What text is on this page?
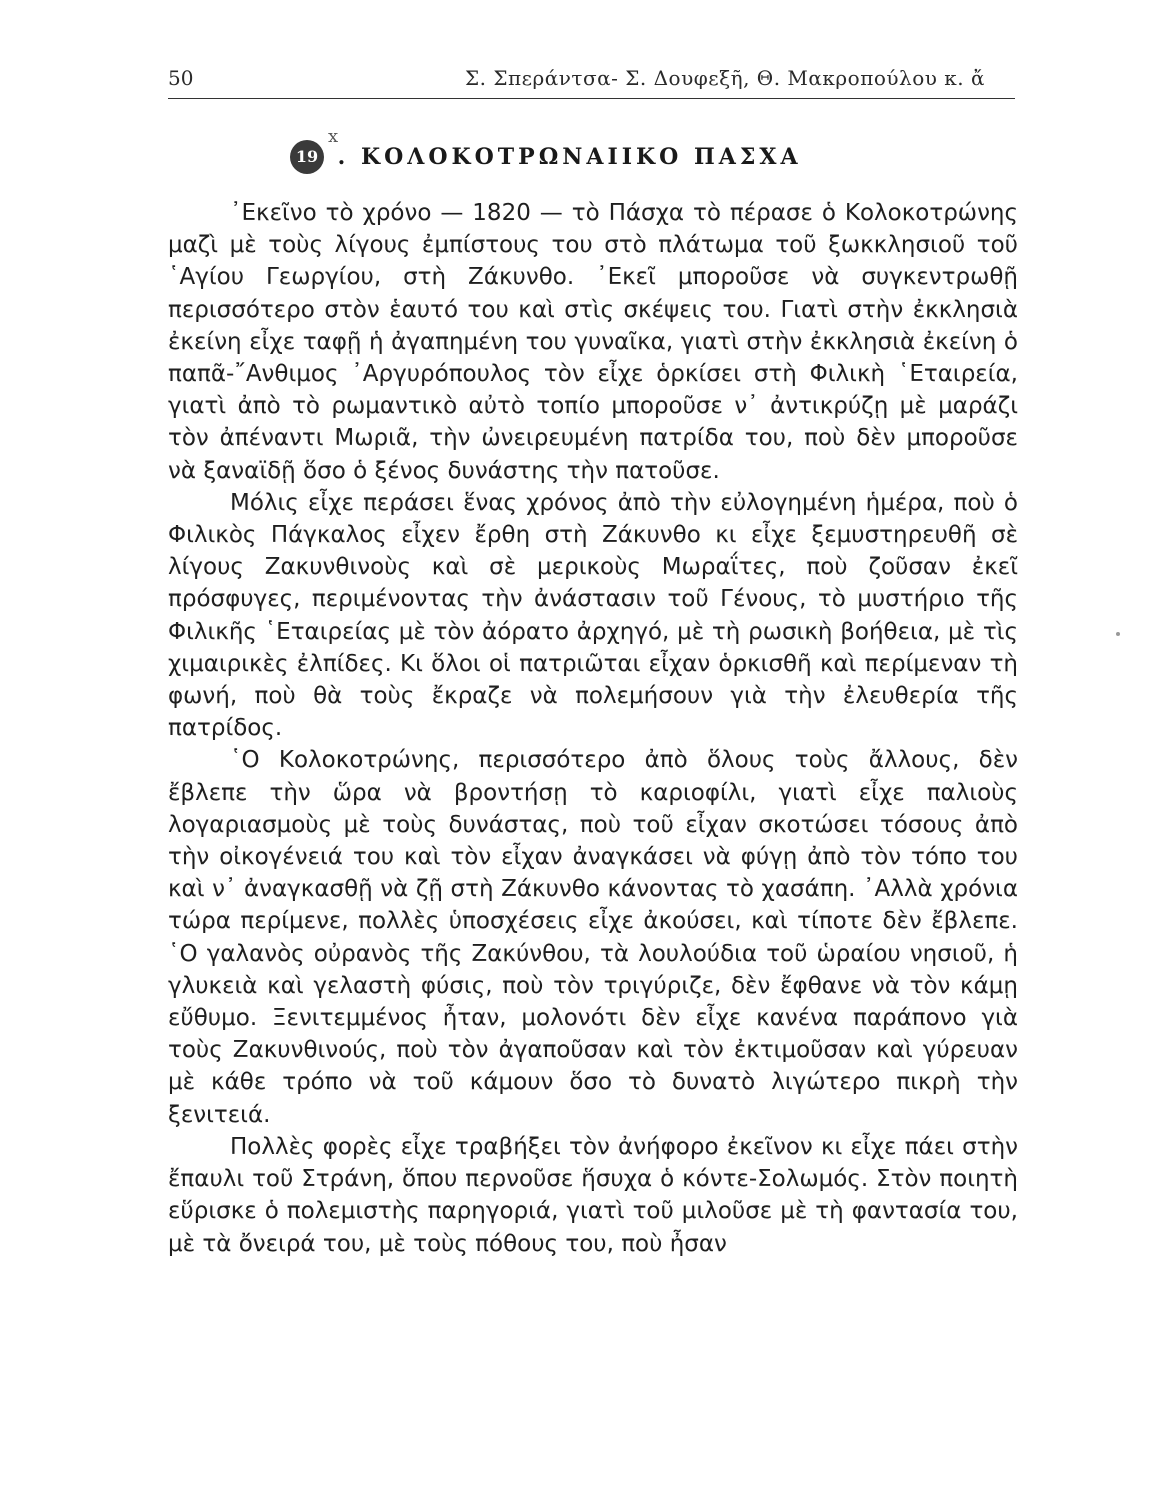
50	Σ. Σπεράντσα- Σ. Δουφεξῆ, Θ. Μακροπούλου κ. ἄ
19
x
. ΚΟΛΟΚΟΤΡΩΝΑΙΙΚΟ ΠΑΣΧΑ

᾿Εκεῖνο τὸ χρόνο — 1820 — τὸ Πάσχα τὸ πέρασε ὁ Κολοκοτρώνης μαζὶ μὲ τοὺς λίγους ἐμπίστους του στὸ πλάτωμα τοῦ ξωκκλησιοῦ τοῦ ῾Αγίου Γεωργίου, στὴ Ζάκυνθο. ᾿Εκεῖ μποροῦσε νὰ συγκεντρωθῇ περισσότερο στὸν ἑαυτό του καὶ στὶς σκέψεις του. Γιατὶ στὴν ἐκκλησιὰ ἐκείνη εἶχε ταφῇ ἡ ἀγαπημένη του γυναῖκα, γιατὶ στὴν ἐκκλησιὰ ἐκείνη ὁ παπᾶ-῎Ανθιμος ᾿Αργυρόπουλος τὸν εἶχε ὁρκίσει στὴ Φιλικὴ ῾Εταιρεία, γιατὶ ἀπὸ τὸ ρωμαντικὸ αὐτὸ τοπίο μποροῦσε ν᾿ ἀντικρύζῃ μὲ μαράζι τὸν ἀπέναντι Μωριᾶ, τὴν ὠνειρευμένη πατρίδα του, ποὺ δὲν μποροῦσε νὰ ξαναϊδῇ ὅσο ὁ ξένος δυνάστης τὴν πατοῦσε.

Μόλις εἶχε περάσει ἕνας χρόνος ἀπὸ τὴν εὐλογημένη ἡμέρα, ποὺ ὁ Φιλικὸς Πάγκαλος εἶχεν ἔρθη στὴ Ζάκυνθο κι εἶχε ξεμυστηρευθῆ σὲ λίγους Ζακυνθινοὺς καὶ σὲ μερικοὺς Μωραΐτες, ποὺ ζοῦσαν ἐκεῖ πρόσφυγες, περιμένοντας τὴν ἀνάστασιν τοῦ Γένους, τὸ μυστήριο τῆς Φιλικῆς ῾Εταιρείας μὲ τὸν ἀόρατο ἀρχηγό, μὲ τὴ ρωσικὴ βοήθεια, μὲ τὶς χιμαιρικὲς ἐλπίδες. Κι ὅλοι οἱ πατριῶται εἶχαν ὁρκισθῆ καὶ περίμεναν τὴ φωνή, ποὺ θὰ τοὺς ἔκραζε νὰ πολεμήσουν γιὰ τὴν ἐλευθερία τῆς πατρίδος.

῾Ο Κολοκοτρώνης, περισσότερο ἀπὸ ὅλους τοὺς ἄλλους, δὲν ἔβλεπε τὴν ὥρα νὰ βροντήσῃ τὸ καριοφίλι, γιατὶ εἶχε παλιοὺς λογαριασμοὺς μὲ τοὺς δυνάστας, ποὺ τοῦ εἶχαν σκοτώσει τόσους ἀπὸ τὴν οἰκογένειά του καὶ τὸν εἶχαν ἀναγκάσει νὰ φύγῃ ἀπὸ τὸν τόπο του καὶ ν᾿ ἀναγκασθῇ νὰ ζῇ στὴ Ζάκυνθο κάνοντας τὸ χασάπη. ᾿Αλλὰ χρόνια τώρα περίμενε, πολλὲς ὑποσχέσεις εἶχε ἀκούσει, καὶ τίποτε δὲν ἔβλεπε. ῾Ο γαλανὸς οὐρανὸς τῆς Ζακύνθου, τὰ λουλούδια τοῦ ὡραίου νησιοῦ, ἡ γλυκειὰ καὶ γελαστὴ φύσις, ποὺ τὸν τριγύριζε, δὲν ἔφθανε νὰ τὸν κάμῃ εὔθυμο. Ξενιτεμμένος ἦταν, μολονότι δὲν εἶχε κανένα παράπονο γιὰ τοὺς Ζακυνθινούς, ποὺ τὸν ἀγαποῦσαν καὶ τὸν ἐκτιμοῦσαν καὶ γύρευαν μὲ κάθε τρόπο νὰ τοῦ κάμουν ὅσο τὸ δυνατὸ λιγώτερο πικρὴ τὴν ξενιτειά.

Πολλὲς φορὲς εἶχε τραβήξει τὸν ἀνήφορο ἐκεῖνον κι εἶχε πάει στὴν ἔπαυλι τοῦ Στράνη, ὅπου περνοῦσε ἥσυχα ὁ κόντε-Σολωμός. Στὸν ποιητὴ εὕρισκε ὁ πολεμιστὴς παρηγοριά, γιατὶ τοῦ μιλοῦσε μὲ τὴ φαντασία του, μὲ τὰ ὄνειρά του, μὲ τοὺς πόθους του, ποὺ ἦσαν
